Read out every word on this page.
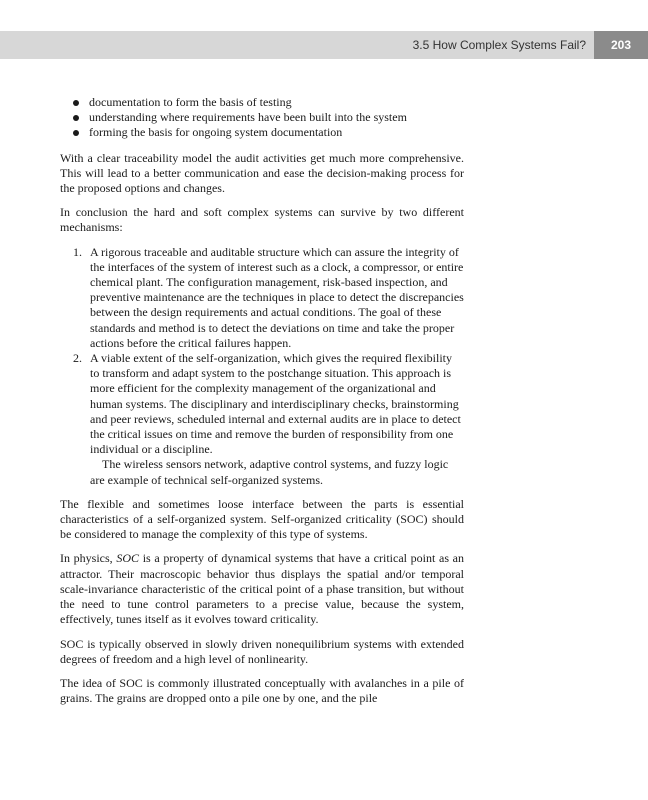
3.5 How Complex Systems Fail?	203
documentation to form the basis of testing
understanding where requirements have been built into the system
forming the basis for ongoing system documentation

With a clear traceability model the audit activities get much more comprehensive. This will lead to a better communication and ease the decision-making process for the proposed options and changes.

In conclusion the hard and soft complex systems can survive by two different mechanisms:

1. A rigorous traceable and auditable structure which can assure the integrity of the interfaces of the system of interest such as a clock, a compressor, or entire chemical plant. The configuration management, risk-based inspection, and preventive maintenance are the techniques in place to detect the discrepancies between the design requirements and actual conditions. The goal of these standards and method is to detect the deviations on time and take the proper actions before the critical failures happen.

2. A viable extent of the self-organization, which gives the required flexibility to transform and adapt system to the postchange situation. This approach is more efficient for the complexity management of the organizational and human systems. The disciplinary and interdisciplinary checks, brainstorming and peer reviews, scheduled internal and external audits are in place to detect the critical issues on time and remove the burden of responsibility from one individual or a discipline.

The wireless sensors network, adaptive control systems, and fuzzy logic are example of technical self-organized systems.

The flexible and sometimes loose interface between the parts is essential characteristics of a self-organized system. Self-organized criticality (SOC) should be considered to manage the complexity of this type of systems.

In physics, SOC is a property of dynamical systems that have a critical point as an attractor. Their macroscopic behavior thus displays the spatial and/or temporal scale-invariance characteristic of the critical point of a phase transition, but without the need to tune control parameters to a precise value, because the system, effectively, tunes itself as it evolves toward criticality.

SOC is typically observed in slowly driven nonequilibrium systems with extended degrees of freedom and a high level of nonlinearity.

The idea of SOC is commonly illustrated conceptually with avalanches in a pile of grains. The grains are dropped onto a pile one by one, and the pile
